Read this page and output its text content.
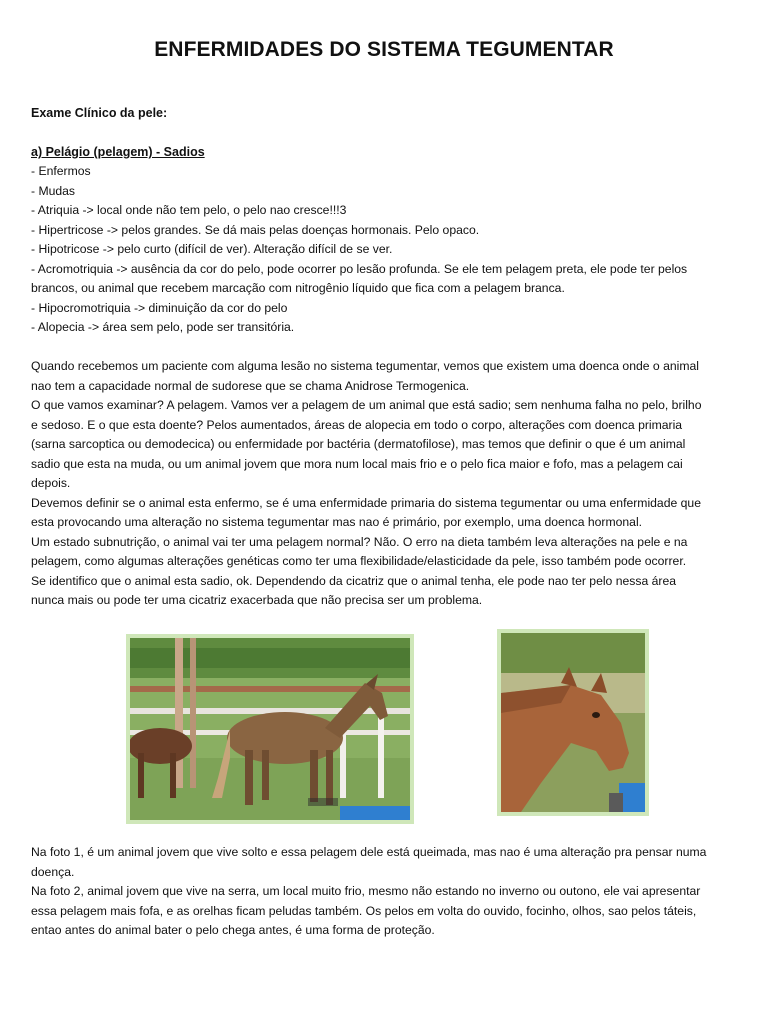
ENFERMIDADES DO SISTEMA TEGUMENTAR
Exame Clínico da pele:
a) Pelágio (pelagem) - Sadios
- Enfermos
- Mudas
- Atriquia -> local onde não tem pelo, o pelo nao cresce!!!3
- Hipertricose -> pelos grandes. Se dá mais pelas doenças hormonais. Pelo opaco.
- Hipotricose -> pelo curto (difícil de ver). Alteração difícil de se ver.
- Acromotriquia -> ausência da cor do pelo, pode ocorrer po lesão profunda. Se ele tem pelagem preta, ele pode ter pelos
brancos, ou animal que recebem marcação com nitrogênio líquido que fica com a pelagem branca.
- Hipocromotriquia -> diminuição da cor do pelo
- Alopecia -> área sem pelo, pode ser transitória.
Quando recebemos um paciente com alguma lesão no sistema tegumentar, vemos que existem uma doenca onde o animal
nao tem a capacidade normal de sudorese que se chama Anidrose Termogenica.
O que vamos examinar? A pelagem. Vamos ver a pelagem de um animal que está sadio; sem nenhuma falha no pelo, brilho
e sedoso. E o que esta doente? Pelos aumentados, áreas de alopecia em todo o corpo, alterações com doenca primaria
(sarna sarcoptica ou demodecica) ou enfermidade por bactéria (dermatofilose), mas temos que definir o que é um animal
sadio que esta na muda, ou um animal jovem que mora num local mais frio e o pelo fica maior e fofo, mas a pelagem cai
depois.
Devemos definir se o animal esta enfermo, se é uma enfermidade primaria do sistema tegumentar ou uma enfermidade que
esta provocando uma alteração no sistema tegumentar mas nao é primário, por exemplo, uma doenca hormonal.
Um estado subnutrição, o animal vai ter uma pelagem normal? Não. O erro na dieta também leva alterações na pele e na
pelagem, como algumas alterações genéticas como ter uma flexibilidade/elasticidade da pele, isso também pode ocorrer.
Se identifico que o animal esta sadio, ok. Dependendo da cicatriz que o animal tenha, ele pode nao ter pelo nessa área
nunca mais ou pode ter uma cicatriz exacerbada que não precisa ser um problema.
Na foto 1, é um animal jovem que vive solto e essa pelagem dele está queimada, mas nao é uma alteração pra pensar numa
doença.
Na foto 2, animal jovem que vive na serra, um local muito frio, mesmo não estando no inverno ou outono, ele vai apresentar
essa pelagem mais fofa, e as orelhas ficam peludas também. Os pelos em volta do ouvido, focinho, olhos, sao pelos táteis,
entao antes do animal bater o pelo chega antes, é uma forma de proteção.
